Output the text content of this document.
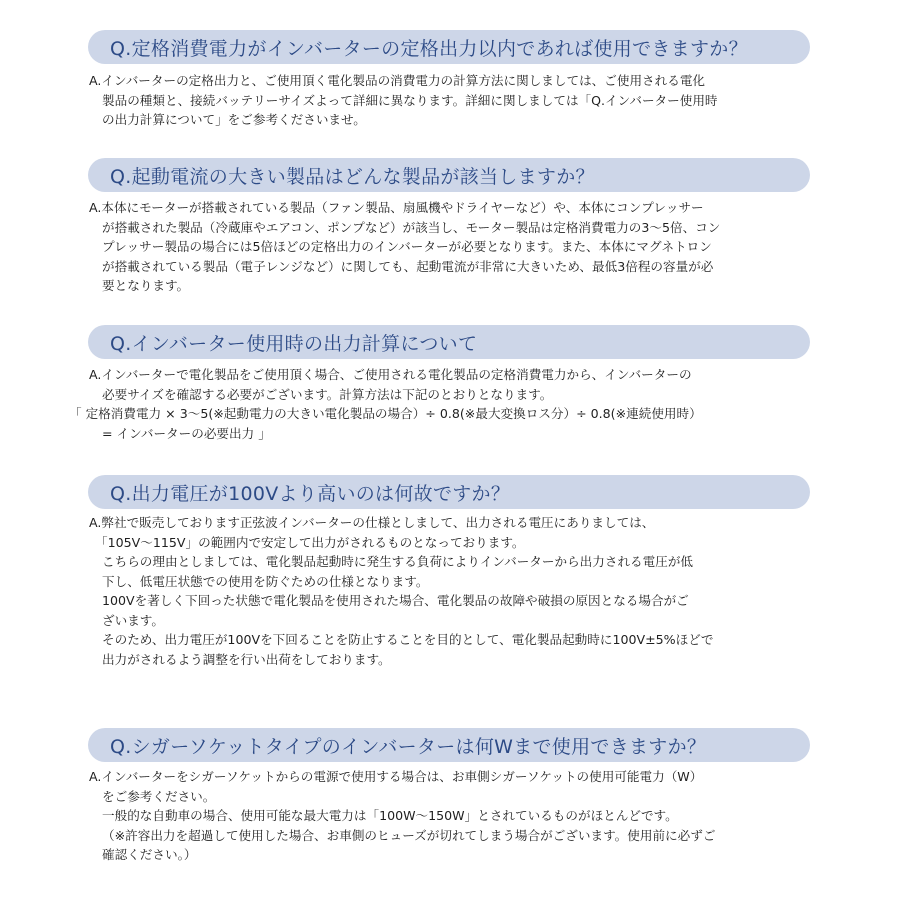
Q.定格消費電力がインバーターの定格出力以内であれば使用できますか？
A.インバーターの定格出力と、ご使用頂く電化製品の消費電力の計算方法に関しましては、ご使用される電化
製品の種類と、接続バッテリーサイズよって詳細に異なります。詳細に関しましては「Q.インバーター使用時
の出力計算について」をご参考くださいませ。
Q.起動電流の大きい製品はどんな製品が該当しますか？
A.本体にモーターが搭載されている製品（ファン製品、扇風機やドライヤーなど）や、本体にコンプレッサー
が搭載された製品（冷蔵庫やエアコン、ポンプなど）が該当し、モーター製品は定格消費電力の3～5倍、コン
プレッサー製品の場合には5倍ほどの定格出力のインバーターが必要となります。また、本体にマグネトロン
が搭載されている製品（電子レンジなど）に関しても、起動電流が非常に大きいため、最低3倍程の容量が必
要となります。
Q.インバーター使用時の出力計算について
A.インバーターで電化製品をご使用頂く場合、ご使用される電化製品の定格消費電力から、インバーターの
必要サイズを確認する必要がございます。計算方法は下記のとおりとなります。
「 定格消費電力 × 3～5(※起動電力の大きい電化製品の場合）÷ 0.8(※最大変換ロス分）÷ 0.8(※連続使用時）
= インバーターの必要出力 」
Q.出力電圧が100Vより高いのは何故ですか？
A.弊社で販売しております正弦波インバーターの仕様としまして、出力される電圧にありましては、
「105V～115V」の範囲内で安定して出力がされるものとなっております。
こちらの理由としましては、電化製品起動時に発生する負荷によりインバーターから出力される電圧が低
下し、低電圧状態での使用を防ぐための仕様となります。
100Vを著しく下回った状態で電化製品を使用された場合、電化製品の故障や破損の原因となる場合がご
ざいます。
そのため、出力電圧が100Vを下回ることを防止することを目的として、電化製品起動時に100V±5%ほどで
出力がされるよう調整を行い出荷をしております。
Q.シガーソケットタイプのインバーターは何Wまで使用できますか？
A.インバーターをシガーソケットからの電源で使用する場合は、お車側シガーソケットの使用可能電力（W）
をご参考ください。
一般的な自動車の場合、使用可能な最大電力は「100W～150W」とされているものがほとんどです。
（※許容出力を超過して使用した場合、お車側のヒューズが切れてしまう場合がございます。使用前に必ずご
確認ください。）
